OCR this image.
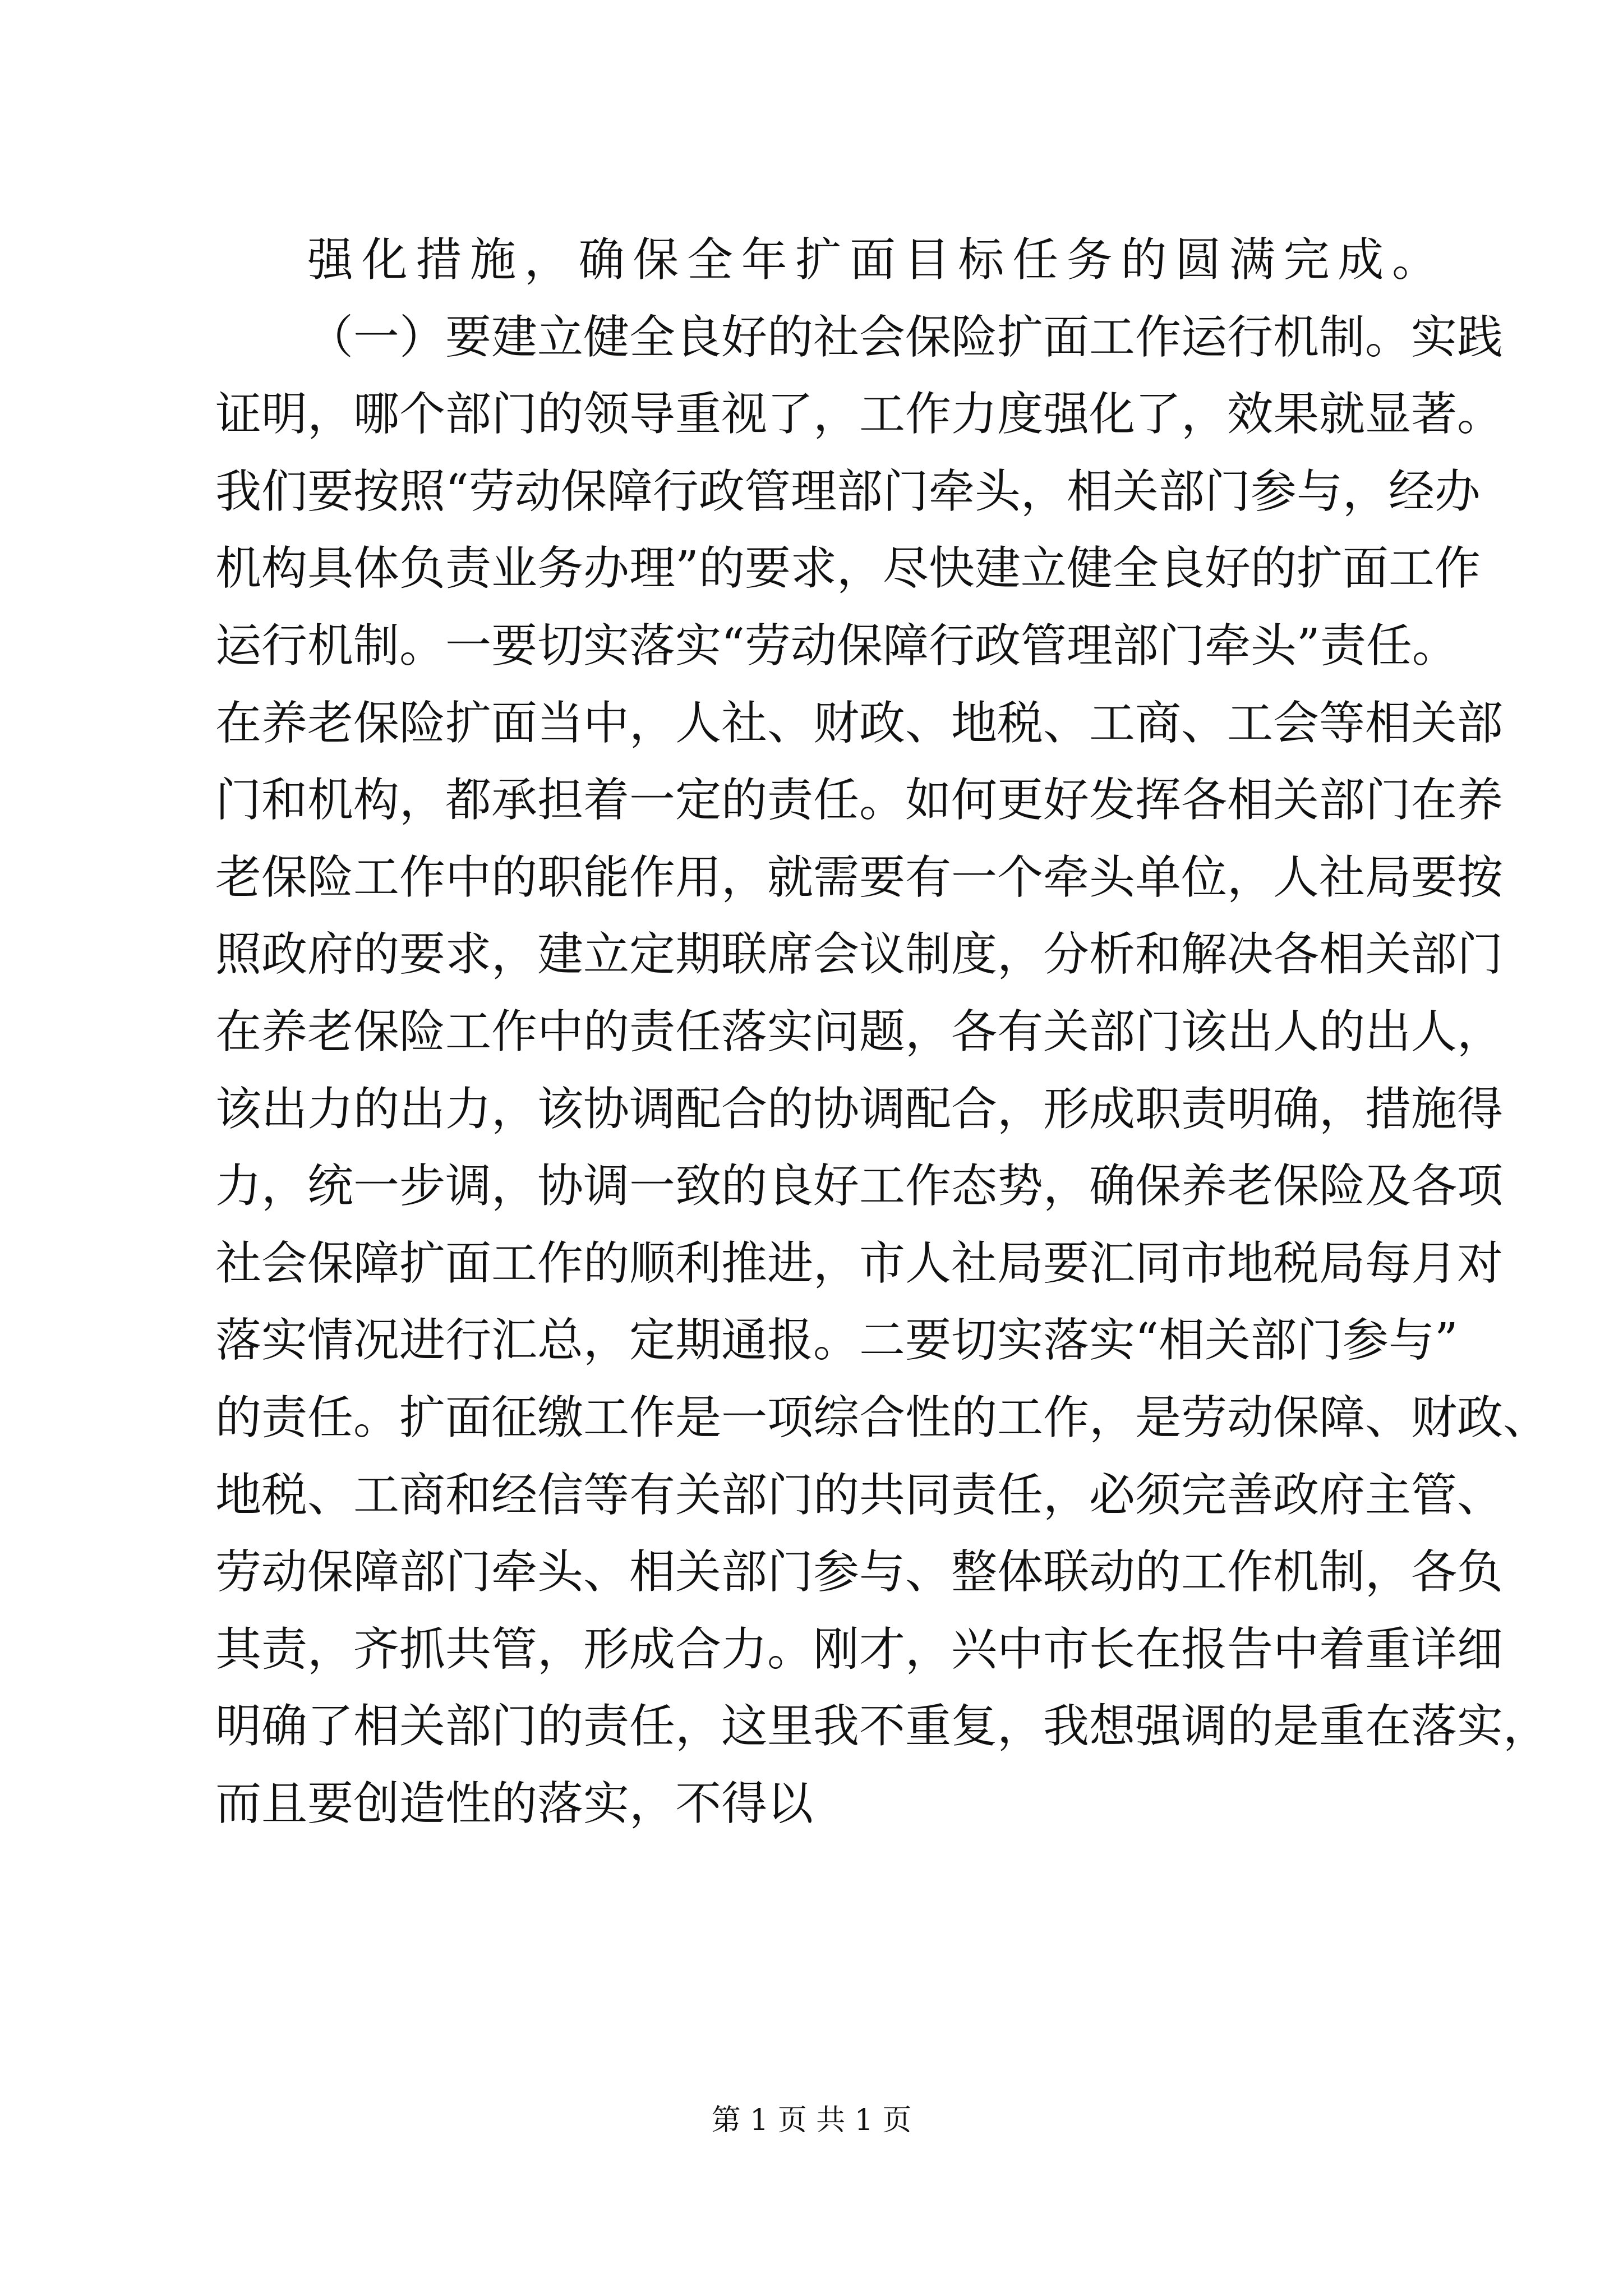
强化措施，确保全年扩面目标任务的圆满完成。
（一）要建立健全良好的社会保险扩面工作运行机制。实践
证明，哪个部门的领导重视了，工作力度强化了，效果就显著。
我们要按照“劳动保障行政管理部门牵头，相关部门参与，经办
机构具体负责业务办理”的要求，尽快建立健全良好的扩面工作
运行机制。一要切实落实“劳动保障行政管理部门牵头”责任。
在养老保险扩面当中，人社、财政、地税、工商、工会等相关部
门和机构，都承担着一定的责任。如何更好发挥各相关部门在养
老保险工作中的职能作用，就需要有一个牵头单位，人社局要按
照政府的要求，建立定期联席会议制度，分析和解决各相关部门
在养老保险工作中的责任落实问题，各有关部门该出人的出人，
该出力的出力，该协调配合的协调配合，形成职责明确，措施得
力，统一步调，协调一致的良好工作态势，确保养老保险及各项
社会保障扩面工作的顺利推进，市人社局要汇同市地税局每月对
落实情况进行汇总，定期通报。二要切实落实“相关部门参与”
的责任。扩面征缴工作是一项综合性的工作，是劳动保障、财政、
地税、工商和经信等有关部门的共同责任，必须完善政府主管、
劳动保障部门牵头、相关部门参与、整体联动的工作机制，各负
其责，齐抓共管，形成合力。刚才，兴中市长在报告中着重详细
明确了相关部门的责任，这里我不重复，我想强调的是重在落实，
而且要创造性的落实，不得以
第 1 页 共 1 页
